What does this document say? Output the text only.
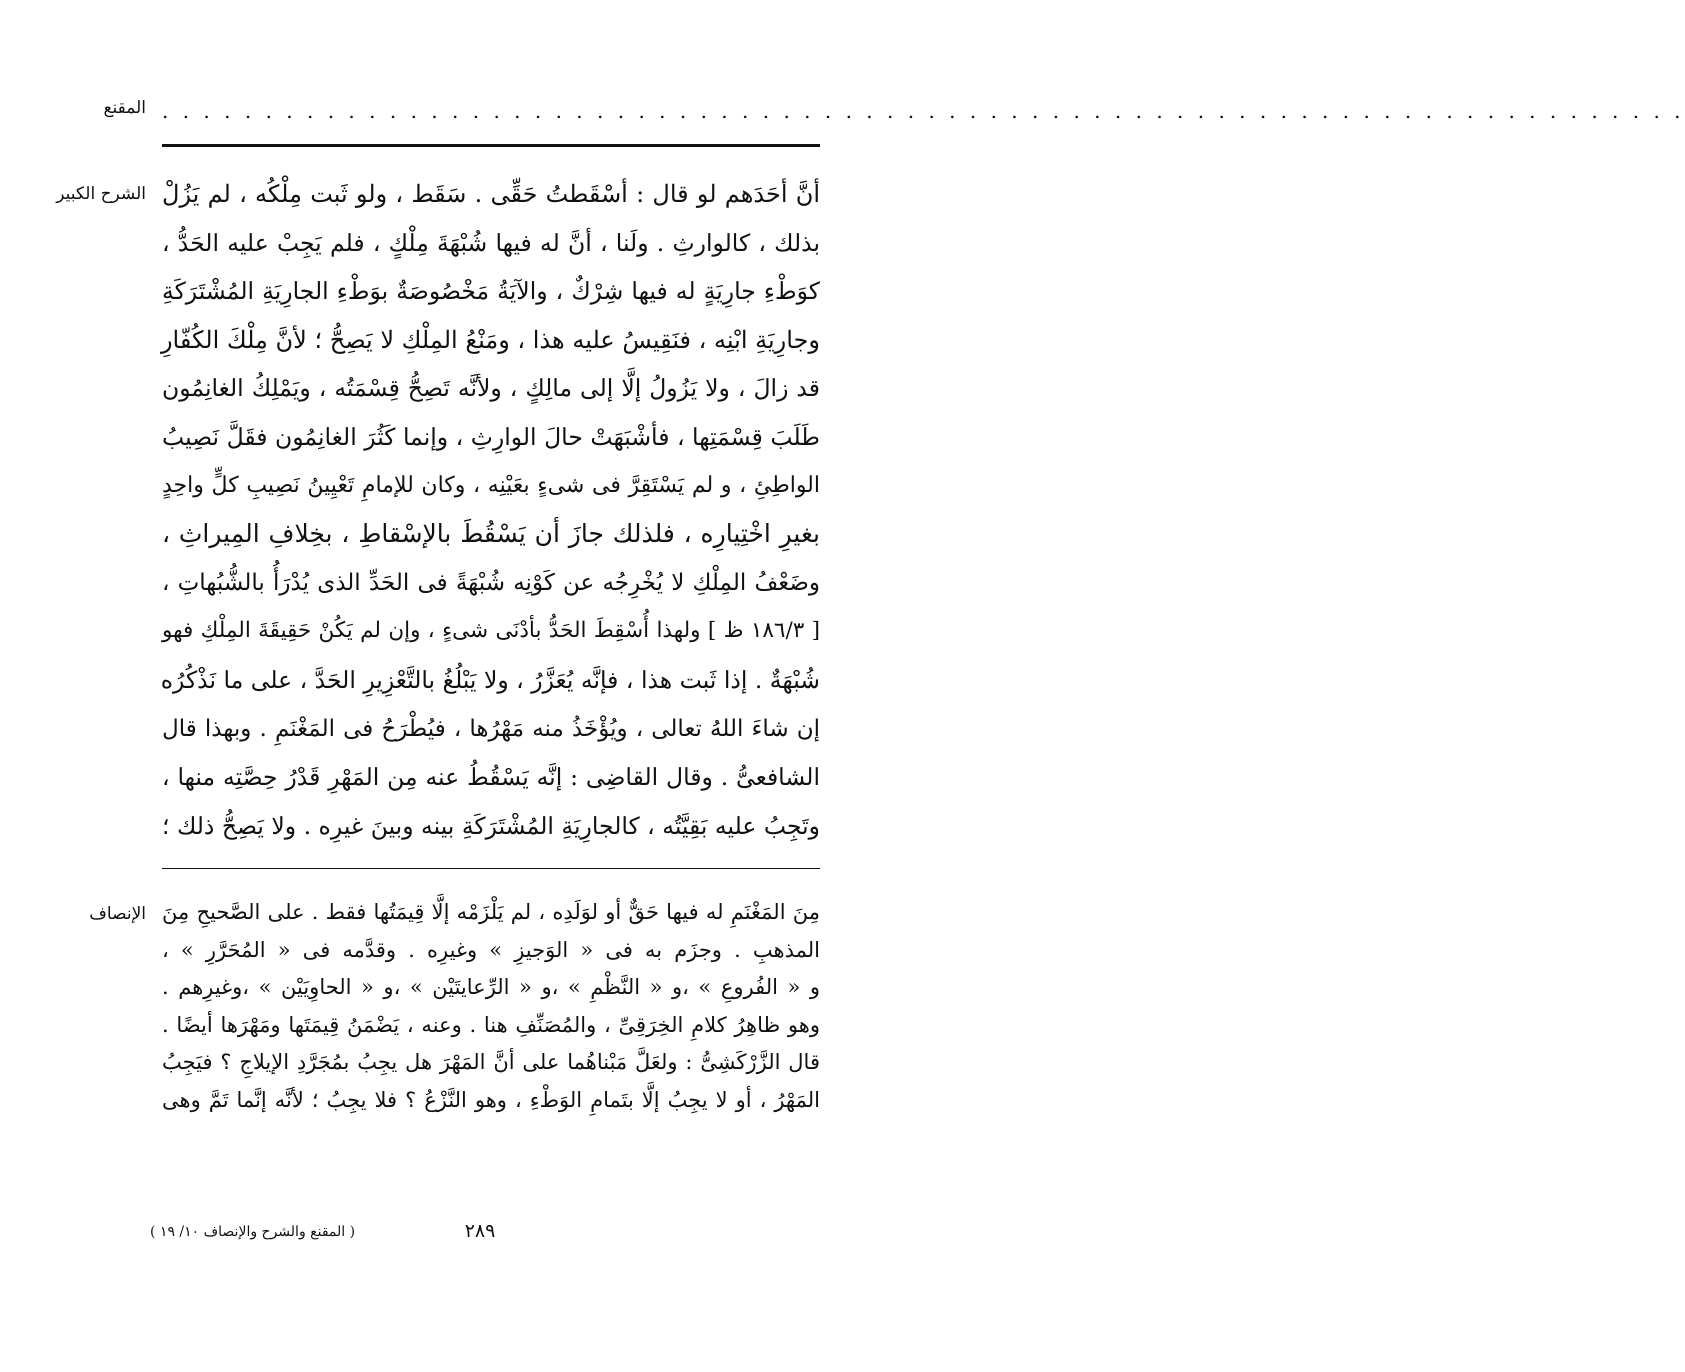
المقنع . . . . . . . . . . . . . . . . . . . . . . . . . . . . . . . . . . . . . . . . . . . . . . . . . . . . . . . . . . . . . . . . . . . . . . . . . .
الشرح الكبير أنَّ أحَدَهم لو قال : أسْقَطتُ حَقِّى . سَقَط ، ولو ثَبت مِلْكُه ، لم يَزُلْ
بذلك ، كالوارثِ . ولَنا ، أنَّ له فيها شُبْهَةَ مِلْكٍ ، فلم يَجِبْ عليه الحَدُّ ،
كوَطْءِ جارِيَةٍ له فيها شِرْكٌ ، والآيَةُ مَخْصُوصَةٌ بوَطْءِ الجارِيَةِ المُشْتَرَكَةِ
وجارِيَةِ ابْنِه ، فنَقِيسُ عليه هذا ، ومَنْعُ المِلْكِ لا يَصِحُّ ؛ لأنَّ مِلْكَ الكُفّارِ
قد زالَ ، ولا يَزُولُ إلَّا إلى مالِكٍ ، ولأنَّه تَصِحُّ قِسْمَتُه ، ويَمْلِكُ الغانِمُون
طَلَبَ قِسْمَتِها ، فأشْبَهَتْ حالَ الوارِثِ ، وإنما كَثُرَ الغانِمُون فقَلَّ نَصِيبُ
الواطِئِ ، و لم يَسْتَقِرَّ فى شىءٍ بعَيْنِه ، وكان للإمامِ تَعْيِينُ نَصِيبِ كلٍّ واحِدٍ
بغيرِ اخْتِيارِه ، فلذلك جازَ أن يَسْقُطَ بالإسْقاطِ ، بخِلافِ المِيراثِ ،
وضَعْفُ المِلْكِ لا يُخْرِجُه عن كَوْنِه شُبْهَةً فى الحَدِّ الذى يُدْرَأُ بالشُّبُهاتِ ،
[ ١٨٦/٣ ظ ] ولهذا أُسْقِطَ الحَدُّ بأدْنَى شىءٍ ، وإن لم يَكُنْ حَقِيقَةَ المِلْكِ فهو
شُبْهَةٌ . إذا ثَبت هذا ، فإنَّه يُعَزَّرُ ، ولا يَبْلُغُ بالتَّعْزِيرِ الحَدَّ ، على ما نَذْكُرُه
إن شاءَ اللهُ تعالى ، ويُؤْخَذُ منه مَهْرُها ، فيُطْرَحُ فى المَغْنَمِ . وبهذا قال
الشافعىُّ . وقال القاضِى : إنَّه يَسْقُطُ عنه مِن المَهْرِ قَدْرُ حِصَّتِه منها ،
وتَجِبُ عليه بَقِيَّتُه ، كالجارِيَةِ المُشْتَرَكَةِ بينه وبينَ غيرِه . ولا يَصِحُّ ذلك ؛
الإنصاف مِنَ المَغْنَمِ له فيها حَقٌّ أو لوَلَدِه ، لم يَلْزَمْه إلَّا قِيمَتُها فقط . على الصَّحيحِ مِنَ
المذهبِ . وجزَم به فى « الوَجيزِ » وغيرِه . وقدَّمه فى « المُحَرَّرِ » ،
و « الفُروعِ » ،و « النَّظْمِ » ،و « الرِّعايتَيْن » ،و « الحاوِيَيْن » ،وغيرِهم .
وهو ظاهِرُ كلامِ الخِرَقِىِّ ، والمُصَنِّفِ هنا . وعنه ، يَضْمَنُ قِيمَتَها ومَهْرَها أيضًا .
قال الزَّرْكَشِىُّ : ولعَلَّ مَبْناهُما على أنَّ المَهْرَ هل يجِبُ بمُجَرَّدِ الإيلاجِ ؟ فيَجِبُ
المَهْرُ ، أو لا يجِبُ إلَّا بتَمامِ الوَطْءِ ، وهو النَّزْعُ ؟ فلا يجِبُ ؛ لأنَّه إنَّما تَمَّ وهى
٢٨٩
( المقنع والشرح والإنصاف ١٠/ ١٩ )
